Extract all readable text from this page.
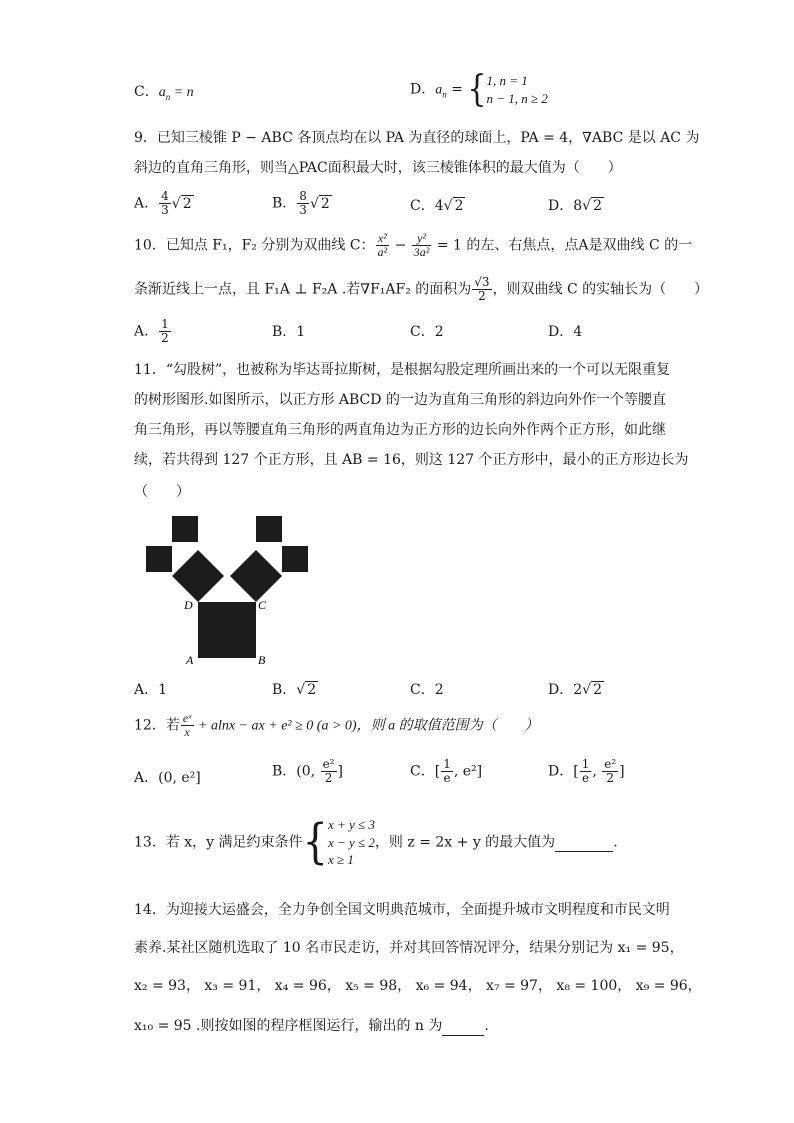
C．$a_n = n$	D．$a_n$ = { 1, n = 1
n − 1, n ≥ 2
9．已知三棱锥 P − ABC 各顶点均在以 PA 为直径的球面上，PA = 4，∇ABC 是以 AC 为
斜边的直角三角形，则当△PAC面积最大时，该三棱锥体积的最大值为（　　）
A． $\frac{4}{3}$ √ 2	B． $\frac{8}{3}$ √ 2	C．4√ 2	D．8√ 2
10．已知点 F₁，F₂ 分别为双曲线 C： $\frac{\text{x²}}{\text{a²}} - \frac{\text{y²}}{\text{3a²}} = 1$ 的左、右焦点，点A是双曲线 C 的一
条渐近线上一点，且 F₁A ⊥ F₂A .若∇F₁AF₂ 的面积为 $\frac{√3}{2}$ ，则双曲线 C 的实轴长为（　　）
A． $\frac{1}{2}$	B．1	C．2	D．4
11．“勾股树”，也被称为毕达哥拉斯树，是根据勾股定理所画出来的一个可以无限重复
的树形图形.如图所示，以正方形 ABCD 的一边为直角三角形的斜边向外作一个等腰直
角三角形，再以等腰直角三角形的两直角边为正方形的边长向外作两个正方形，如此继
续，若共得到 127 个正方形，且 AB = 16，则这 127 个正方形中，最小的正方形边长为
（　　）
D	C
A	B
A．1	B．√ 2	C．2	D．2√ 2
12．若 $\frac{\text{eˣ}}{x} + alnx$ − ax + e² ≥ 0 (a > 0)，则 a 的取值范围为（　　）
A．(0, e²]	B．(0, $\frac{\text{e²}}{2}$ ]	C．[ $\frac{1}{e}$ , e²]	D．[ $\frac{1}{e}$ , $\frac{\text{e²}}{2}$ ]
13．若 x，y 满足约束条件{ x + y ≤ 3
x − y ≤ 2
x ≥ 1
，则 z = 2x + y 的最大值为	.
14．为迎接大运盛会，全力争创全国文明典范城市，全面提升城市文明程度和市民文明
素养.某社区随机选取了 10 名市民走访，并对其回答情况评分，结果分别记为 x₁ = 95，
x₂ = 93， x₃ = 91， x₄ = 96， x₅ = 98， x₆ = 94， x₇ = 97， x₈ = 100， x₉ = 96，
x₁₀ = 95 .则按如图的程序框图运行，输出的 n 为	.
